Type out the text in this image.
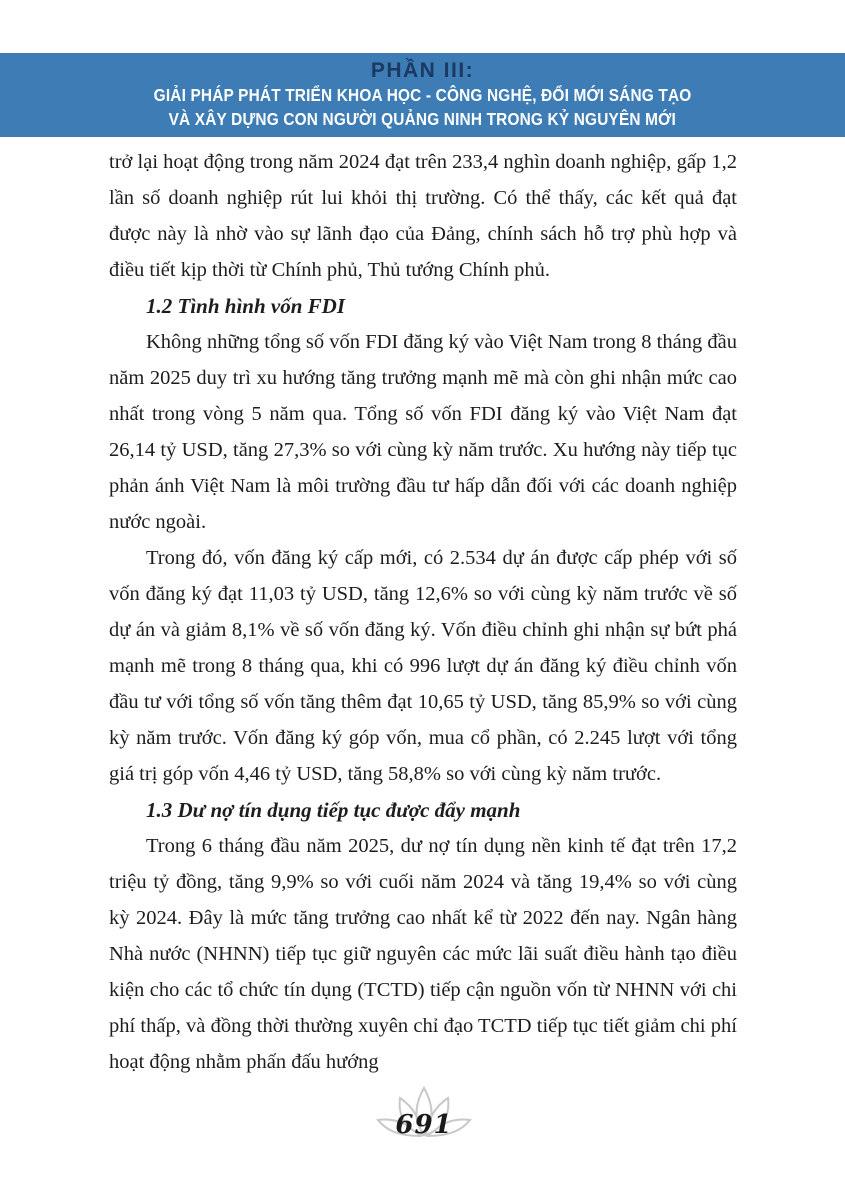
PHẦN III:
GIẢI PHÁP PHÁT TRIỂN KHOA HỌC - CÔNG NGHỆ, ĐỔI MỚI SÁNG TẠO
VÀ XÂY DỰNG CON NGƯỜI QUẢNG NINH TRONG KỶ NGUYÊN MỚI

trở lại hoạt động trong năm 2024 đạt trên 233,4 nghìn doanh nghiệp, gấp 1,2 lần số doanh nghiệp rút lui khỏi thị trường. Có thể thấy, các kết quả đạt được này là nhờ vào sự lãnh đạo của Đảng, chính sách hỗ trợ phù hợp và điều tiết kịp thời từ Chính phủ, Thủ tướng Chính phủ.

1.2 Tình hình vốn FDI

Không những tổng số vốn FDI đăng ký vào Việt Nam trong 8 tháng đầu năm 2025 duy trì xu hướng tăng trưởng mạnh mẽ mà còn ghi nhận mức cao nhất trong vòng 5 năm qua. Tổng số vốn FDI đăng ký vào Việt Nam đạt 26,14 tỷ USD, tăng 27,3% so với cùng kỳ năm trước. Xu hướng này tiếp tục phản ánh Việt Nam là môi trường đầu tư hấp dẫn đối với các doanh nghiệp nước ngoài.

Trong đó, vốn đăng ký cấp mới, có 2.534 dự án được cấp phép với số vốn đăng ký đạt 11,03 tỷ USD, tăng 12,6% so với cùng kỳ năm trước về số dự án và giảm 8,1% về số vốn đăng ký. Vốn điều chỉnh ghi nhận sự bứt phá mạnh mẽ trong 8 tháng qua, khi có 996 lượt dự án đăng ký điều chỉnh vốn đầu tư với tổng số vốn tăng thêm đạt 10,65 tỷ USD, tăng 85,9% so với cùng kỳ năm trước. Vốn đăng ký góp vốn, mua cổ phần, có 2.245 lượt với tổng giá trị góp vốn 4,46 tỷ USD, tăng 58,8% so với cùng kỳ năm trước.

1.3 Dư nợ tín dụng tiếp tục được đẩy mạnh

Trong 6 tháng đầu năm 2025, dư nợ tín dụng nền kinh tế đạt trên 17,2 triệu tỷ đồng, tăng 9,9% so với cuối năm 2024 và tăng 19,4% so với cùng kỳ 2024. Đây là mức tăng trưởng cao nhất kể từ 2022 đến nay. Ngân hàng Nhà nước (NHNN) tiếp tục giữ nguyên các mức lãi suất điều hành tạo điều kiện cho các tổ chức tín dụng (TCTD) tiếp cận nguồn vốn từ NHNN với chi phí thấp, và đồng thời thường xuyên chỉ đạo TCTD tiếp tục tiết giảm chi phí hoạt động nhằm phấn đấu hướng

691
